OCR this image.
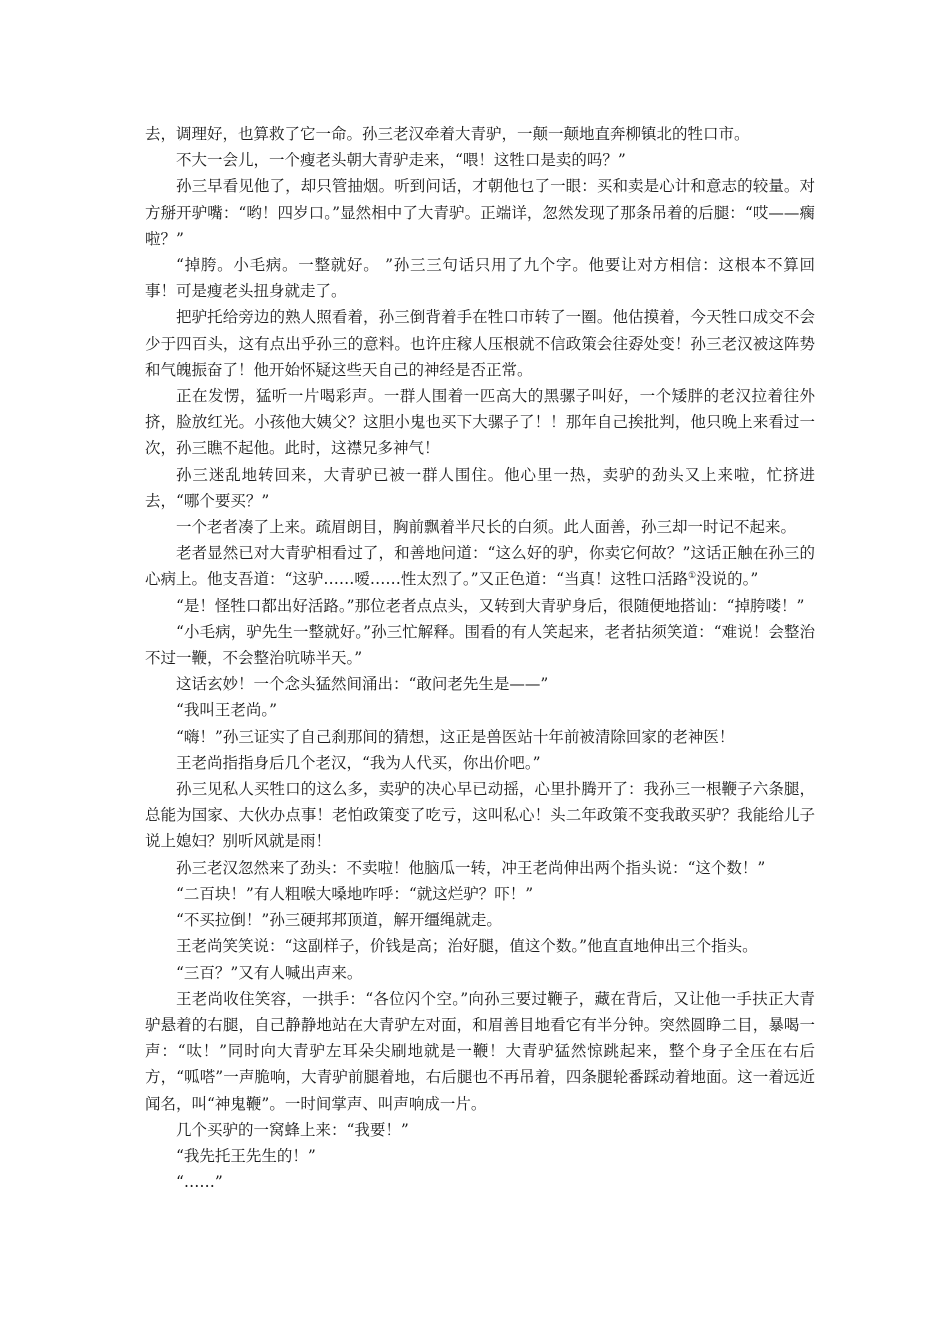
去，调理好，也算救了它一命。孙三老汉牵着大青驴，一颠一颠地直奔柳镇北的牲口市。

不大一会儿，一个瘦老头朝大青驴走来，“喂！这牲口是卖的吗？”

孙三早看见他了，却只管抽烟。听到问话，才朝他乜了一眼：买和卖是心计和意志的较量。对方掰开驴嘴：“哟！四岁口。”显然相中了大青驴。正端详，忽然发现了那条吊着的后腿：“哎——瘸啦？”

“掉胯。小毛病。一整就好。 ”孙三三句话只用了九个字。他要让对方相信：这根本不算回事！可是瘦老头扭身就走了。

把驴托给旁边的熟人照看着，孙三倒背着手在牲口市转了一圈。他估摸着，今天牲口成交不会少于四百头，这有点出乎孙三的意料。也许庄稼人压根就不信政策会往孬处变！孙三老汉被这阵势和气魄振奋了！他开始怀疑这些天自己的神经是否正常。

正在发愣，猛听一片喝彩声。一群人围着一匹高大的黑骡子叫好，一个矮胖的老汉拉着往外挤，脸放红光。小孩他大姨父？这胆小鬼也买下大骡子了！！那年自己挨批判，他只晚上来看过一次，孙三瞧不起他。此时，这襟兄多神气！

孙三迷乱地转回来，大青驴已被一群人围住。他心里一热，卖驴的劲头又上来啦，忙挤进去，“哪个要买？”

一个老者凑了上来。疏眉朗目，胸前飘着半尺长的白须。此人面善，孙三却一时记不起来。

老者显然已对大青驴相看过了，和善地问道：“这么好的驴，你卖它何故？”这话正触在孙三的心病上。他支吾道：“这驴……嗳……性太烈了。”又正色道：“当真！这牲口活路①没说的。”

“是！怪牲口都出好活路。”那位老者点点头，又转到大青驴身后，很随便地搭讪：“掉胯喽！”

“小毛病，驴先生一整就好。”孙三忙解释。围看的有人笑起来，老者拈须笑道：“难说！会整治不过一鞭，不会整治吭哧半天。”

这话玄妙！一个念头猛然间涌出：“敢问老先生是——”

“我叫王老尚。”

“嗨！”孙三证实了自己刹那间的猜想，这正是兽医站十年前被清除回家的老神医！

王老尚指指身后几个老汉，“我为人代买，你出价吧。”

孙三见私人买牲口的这么多，卖驴的决心早已动摇，心里扑腾开了：我孙三一根鞭子六条腿，总能为国家、大伙办点事！老怕政策变了吃亏，这叫私心！头二年政策不变我敢买驴？我能给儿子说上媳妇？别听风就是雨！

孙三老汉忽然来了劲头：不卖啦！他脑瓜一转，冲王老尚伸出两个指头说：“这个数！”

“二百块！”有人粗喉大嗓地咋呼：“就这烂驴？吓！”

“不买拉倒！”孙三硬邦邦顶道，解开缰绳就走。

王老尚笑笑说：“这副样子，价钱是高；治好腿，值这个数。”他直直地伸出三个指头。

“三百？”又有人喊出声来。

王老尚收住笑容，一拱手：“各位闪个空。”向孙三要过鞭子，藏在背后，又让他一手扶正大青驴悬着的右腿，自己静静地站在大青驴左对面，和眉善目地看它有半分钟。突然圆睁二目，暴喝一声：“呔！”同时向大青驴左耳朵尖刷地就是一鞭！大青驴猛然惊跳起来，整个身子全压在右后方，“呱嗒”一声脆响，大青驴前腿着地，右后腿也不再吊着，四条腿轮番踩动着地面。这一着远近闻名，叫“神鬼鞭”。一时间掌声、叫声响成一片。

几个买驴的一窝蜂上来：“我要！”

“我先托王先生的！”

“……”
